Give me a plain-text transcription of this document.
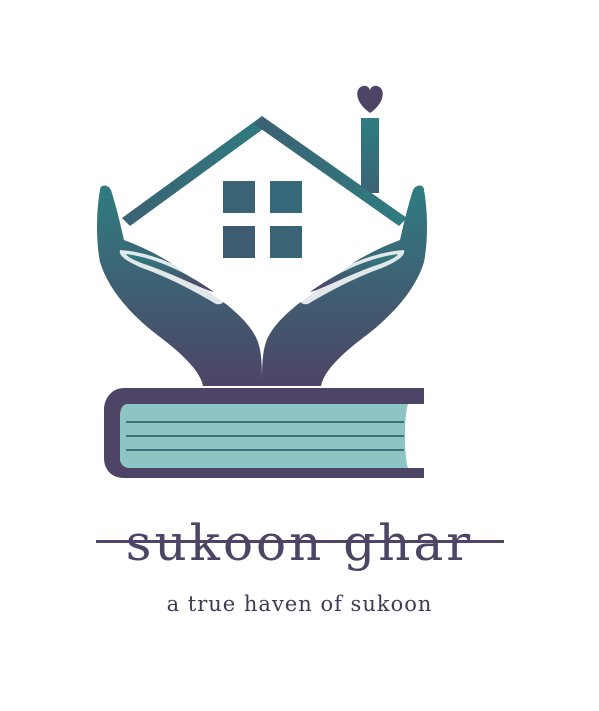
sukoon ghar
a true haven of sukoon
